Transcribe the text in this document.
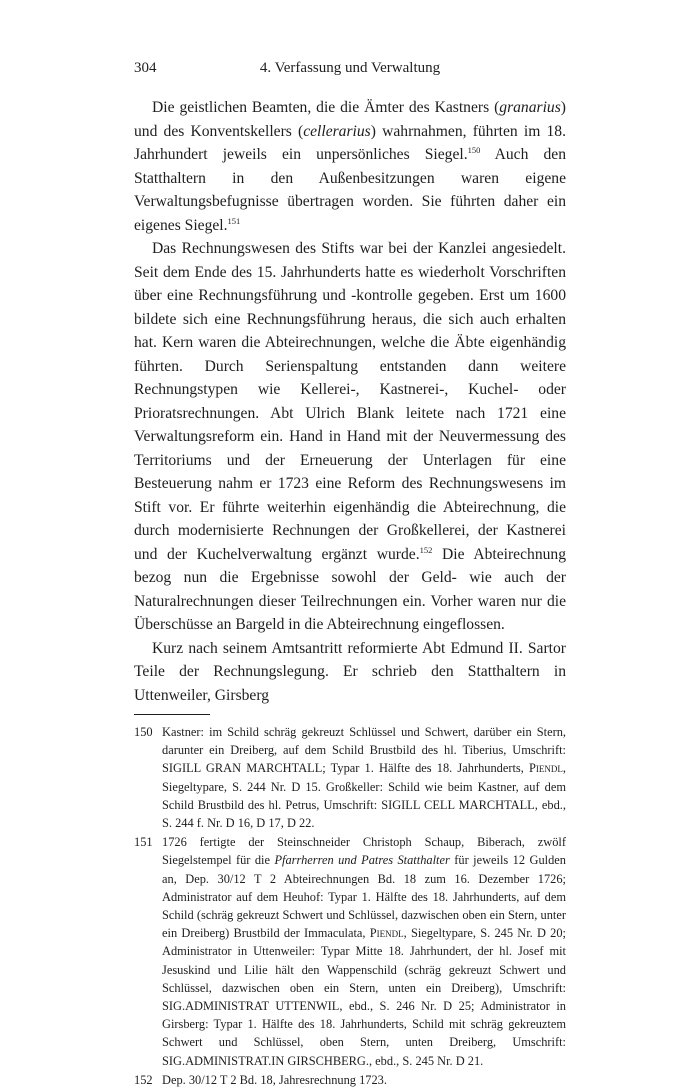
304	4. Verfassung und Verwaltung

Die geistlichen Beamten, die die Ämter des Kastners (granarius) und des Konventskellers (cellerarius) wahrnahmen, führten im 18. Jahrhundert jeweils ein unpersönliches Siegel.$^{150}$ Auch den Statthaltern in den Außenbesitzungen waren eigene Verwaltungsbefugnisse übertragen worden. Sie führten daher ein eigenes Siegel.$^{151}$

Das Rechnungswesen des Stifts war bei der Kanzlei angesiedelt. Seit dem Ende des 15. Jahrhunderts hatte es wiederholt Vorschriften über eine Rechnungsführung und -kontrolle gegeben. Erst um 1600 bildete sich eine Rechnungsführung heraus, die sich auch erhalten hat. Kern waren die Abteirechnungen, welche die Äbte eigenhändig führten. Durch Serienspaltung entstanden dann weitere Rechnungstypen wie Kellerei-, Kastnerei-, Kuchel- oder Prioratsrechnungen. Abt Ulrich Blank leitete nach 1721 eine Verwaltungsreform ein. Hand in Hand mit der Neuvermessung des Territoriums und der Erneuerung der Unterlagen für eine Besteuerung nahm er 1723 eine Reform des Rechnungswesens im Stift vor. Er führte weiterhin eigenhändig die Abteirechnung, die durch modernisierte Rechnungen der Großkellerei, der Kastnerei und der Kuchelverwaltung ergänzt wurde.$^{152}$ Die Abteirechnung bezog nun die Ergebnisse sowohl der Geld- wie auch der Naturalrechnungen dieser Teilrechnungen ein. Vorher waren nur die Überschüsse an Bargeld in die Abteirechnung eingeflossen.

Kurz nach seinem Amtsantritt reformierte Abt Edmund II. Sartor Teile der Rechnungslegung. Er schrieb den Statthaltern in Uttenweiler, Girsberg

150 Kastner: im Schild schräg gekreuzt Schlüssel und Schwert, darüber ein Stern, darunter ein Dreiberg, auf dem Schild Brustbild des hl. Tiberius, Umschrift: SIGILL GRAN MARCHTALL; Typar 1. Hälfte des 18. Jahrhunderts, Piendl, Siegeltypare, S. 244 Nr. D 15. Großkeller: Schild wie beim Kastner, auf dem Schild Brustbild des hl. Petrus, Umschrift: SIGILL CELL MARCHTALL, ebd., S. 244 f. Nr. D 16, D 17, D 22.
151 1726 fertigte der Steinschneider Christoph Schaup, Biberach, zwölf Siegelstempel für die Pfarrherren und Patres Statthalter für jeweils 12 Gulden an, Dep. 30/12 T 2 Abteirechnungen Bd. 18 zum 16. Dezember 1726; Administrator auf dem Heuhof: Typar 1. Hälfte des 18. Jahrhunderts, auf dem Schild (schräg gekreuzt Schwert und Schlüssel, dazwischen oben ein Stern, unter ein Dreiberg) Brustbild der Immaculata, Piendl, Siegeltypare, S. 245 Nr. D 20; Administrator in Uttenweiler: Typar Mitte 18. Jahrhundert, der hl. Josef mit Jesuskind und Lilie hält den Wappenschild (schräg gekreuzt Schwert und Schlüssel, dazwischen oben ein Stern, unten ein Dreiberg), Umschrift: SIG.ADMINISTRAT UTTENWIL, ebd., S. 246 Nr. D 25; Administrator in Girsberg: Typar 1. Hälfte des 18. Jahrhunderts, Schild mit schräg gekreuztem Schwert und Schlüssel, oben Stern, unten Dreiberg, Umschrift: SIG.ADMINISTRAT.IN GIRSCHBERG., ebd., S. 245 Nr. D 21.
152 Dep. 30/12 T 2 Bd. 18, Jahresrechnung 1723.
